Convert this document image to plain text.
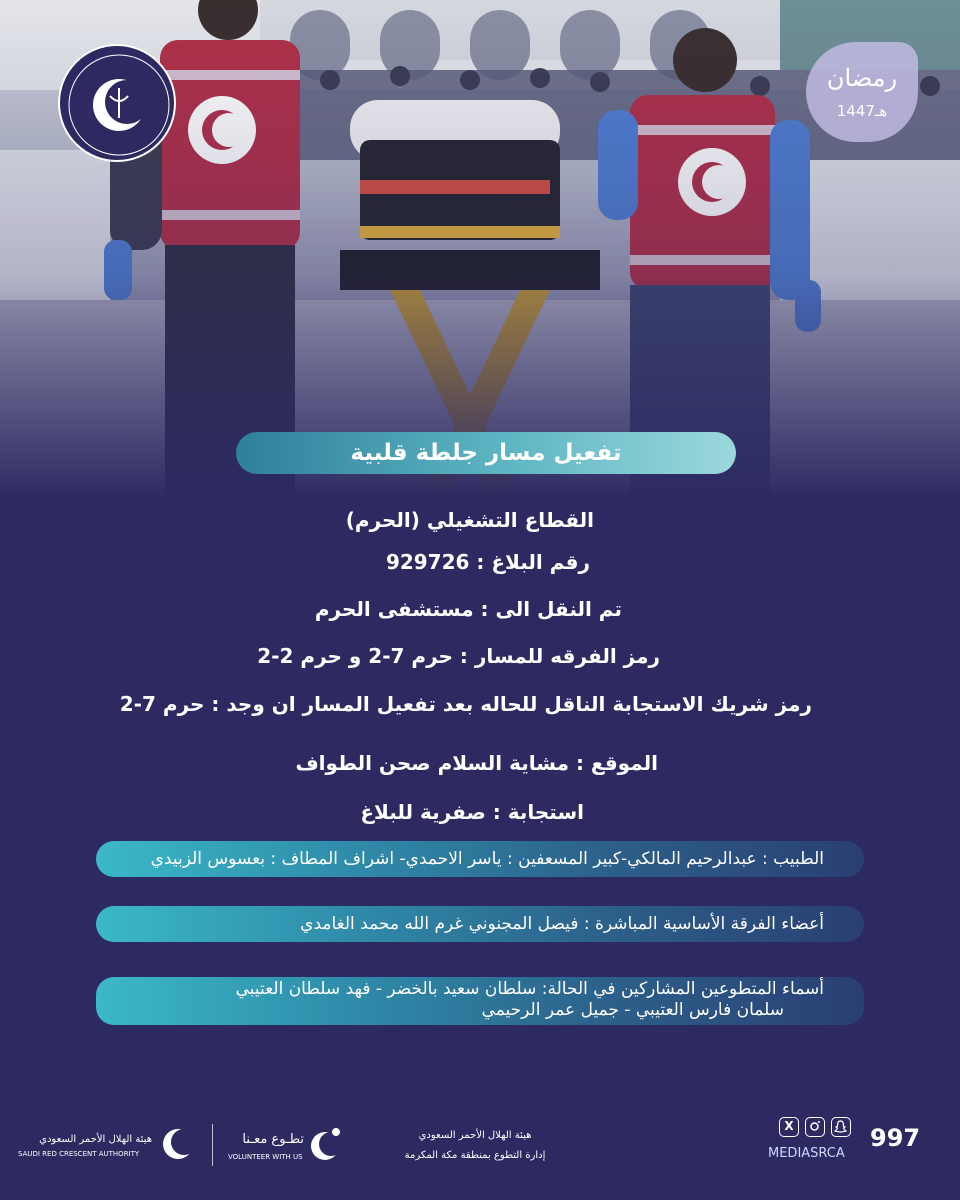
رمضان
1447هـ
تفعيل مسار جلطة قلبية
القطاع التشغيلي (الحرم)
رقم البلاغ : 929726
تم النقل الى : مستشفى الحرم
رمز الفرقه للمسار : حرم 7-2 و حرم 2-2
رمز شريك الاستجابة الناقل للحاله بعد تفعيل المسار ان وجد : حرم 7-2
الموقع : مشاية السلام صحن الطواف
استجابة : صفرية للبلاغ
الطبيب : عبدالرحيم المالكي-كبير المسعفين : ياسر الاحمدي- اشراف المطاف : بعسوس الزبيدي
أعضاء الفرقة الأساسية المباشرة : فيصل المجنوني غرم الله محمد الغامدي
أسماء المتطوعين المشاركين في الحالة: سلطان سعيد بالخضر - فهد سلطان العتيبي
سلمان فارس العتيبي - جميل عمر الرحيمي
هيئة الهلال الأحمر السعودي
SAUDI RED CRESCENT AUTHORITY
تطـوع معـنا
VOLUNTEER WITH US
هيئة الهلال الأحمر السعودي
إدارة التطوع بمنطقة مكة المكرمة
X
MEDIASRCA
997
